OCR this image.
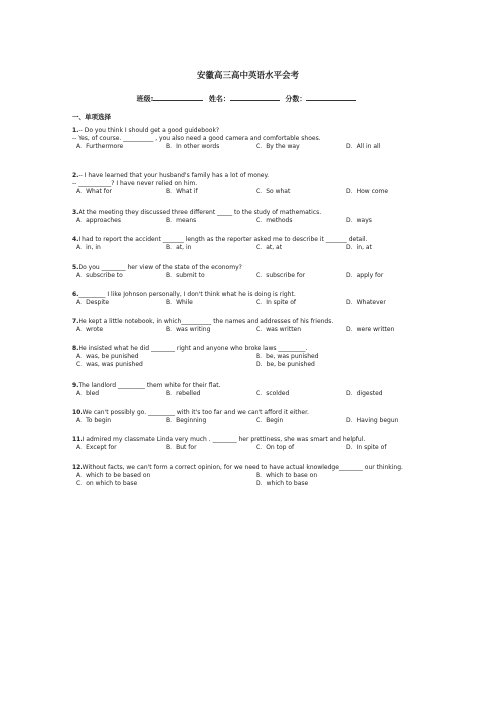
安徽高三高中英语水平会考
班级:	姓名：	分数：
一、单项选择
1.-- Do you think I should get a good guidebook?
-- Yes, of course. __________ , you also need a good camera and comfortable shoes.
A．Furthermore	B．In other words	C．By the way	D．All in all
2.-- I have learned that your husband's family has a lot of money.
-- ___________? I have never relied on him.
A．What for	B．What if	C．So what	D．How come
3.At the meeting they discussed three different _____ to the study of mathematics.
A．approaches	B．means	C．methods	D．ways
4.I had to report the accident _______ length as the reporter asked me to describe it _______ detail.
A．in, in	B．at, in	C．at, at	D．in, at
5.Do you ________ her view of the state of the economy?
A．subscribe to	B．submit to	C．subscribe for	D．apply for
6._________ I like Johnson personally, I don't think what he is doing is right.
A．Despite	B．While	C．In spite of	D．Whatever
7.He kept a little notebook, in which__________ the names and addresses of his friends.
A．wrote	B．was writing	C．was written	D．were written
8.He insisted what he did ________ right and anyone who broke laws _________.
A．was, be punished	B．be, was punished
C．was, was punished	D．be, be punished
9.The landlord _________ them white for their flat.
A．bled	B．rebelled	C．scolded	D．digested
10.We can't possibly go. _________ with it's too far and we can't afford it either.
A．To begin	B．Beginning	C．Begin	D．Having begun
11.I admired my classmate Linda very much . ________ her prettiness, she was smart and helpful.
A．Except for	B．But for	C．On top of	D．In spite of
12.Without facts, we can't form a correct opinion, for we need to have actual knowledge________ our thinking.
A．which to be based on	B．which to base on
C．on which to base	D．which to base
